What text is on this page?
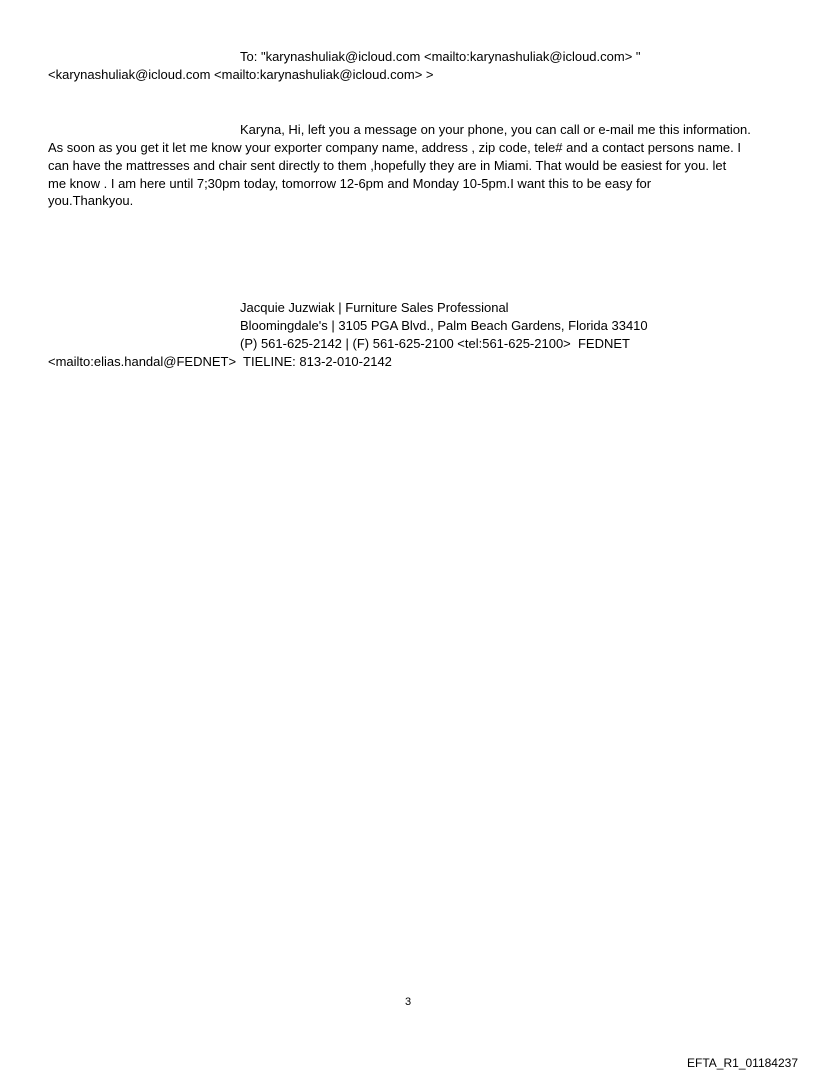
To: "karynashuliak@icloud.com <mailto:karynashuliak@icloud.com> "
<karynashuliak@icloud.com <mailto:karynashuliak@icloud.com> >
Karyna, Hi, left you a message on your phone, you can call or e-mail me this information.
As soon as you get it let me know your exporter company name, address , zip code, tele# and a contact persons name. I
can have the mattresses and chair sent directly to them ,hopefully they are in Miami. That would be easiest for you. let
me know . I am here until 7;30pm today, tomorrow 12-6pm and Monday 10-5pm.I want this to be easy for
you.Thankyou.
Jacquie Juzwiak | Furniture Sales Professional
Bloomingdale's | 3105 PGA Blvd., Palm Beach Gardens, Florida 33410
(P) 561-625-2142 | (F) 561-625-2100 <tel:561-625-2100>  FEDNET
<mailto:elias.handal@FEDNET>  TIELINE: 813-2-010-2142
3
EFTA_R1_01184237
